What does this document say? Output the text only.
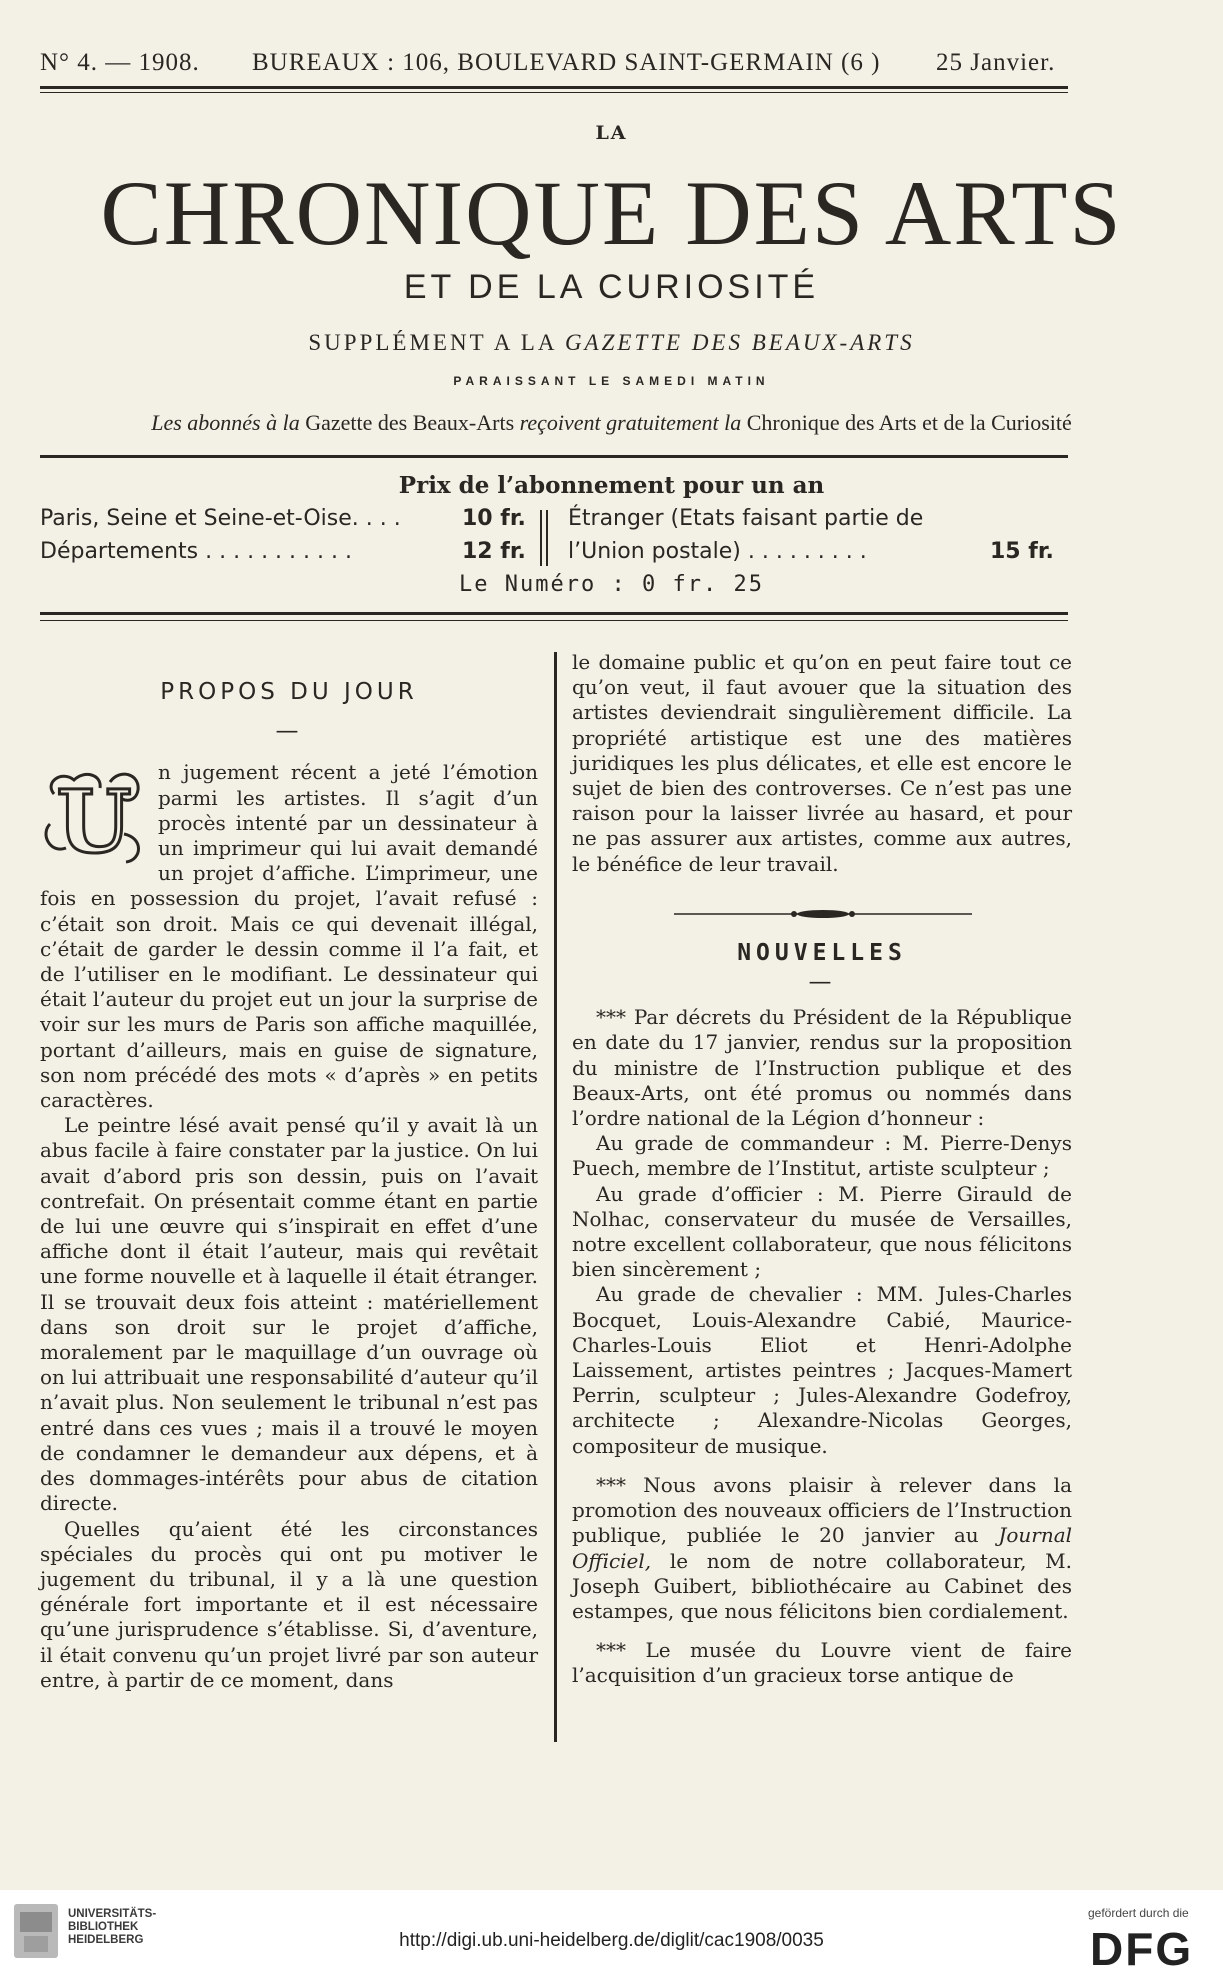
N° 4. — 1908. BUREAUX : 106, BOULEVARD SAINT-GERMAIN (6 ) 25 Janvier.
LA
CHRONIQUE DES ARTS
ET DE LA CURIOSITÉ
SUPPLÉMENT A LA GAZETTE DES BEAUX-ARTS
PARAISSANT LE SAMEDI MATIN
Les abonnés à la Gazette des Beaux-Arts reçoivent gratuitement la Chronique des Arts et de la Curiosité
Prix de l’abonnement pour un an
Paris, Seine et Seine-et-Oise. . . .	10 fr.
Départements . . . . . . . . . . .	12 fr.
Étranger (Etats faisant partie de
l’Union postale) . . . . . . . . .	15 fr.
Le Numéro : 0 fr. 25

PROPOS DU JOUR

—

U n jugement récent a jeté l’émotion parmi les artistes. Il s’agit d’un procès intenté par un dessinateur à un imprimeur qui lui avait demandé un projet d’affiche. L’imprimeur, une fois en possession du projet, l’avait refusé : c’était son droit. Mais ce qui devenait illégal, c’était de garder le dessin comme il l’a fait, et de l’utiliser en le modifiant. Le dessinateur qui était l’auteur du projet eut un jour la surprise de voir sur les murs de Paris son affiche maquillée, portant d’ailleurs, mais en guise de signature, son nom précédé des mots « d’après » en petits caractères.

Le peintre lésé avait pensé qu’il y avait là un abus facile à faire constater par la justice. On lui avait d’abord pris son dessin, puis on l’avait contrefait. On présentait comme étant en partie de lui une œuvre qui s’inspirait en effet d’une affiche dont il était l’auteur, mais qui revêtait une forme nouvelle et à laquelle il était étranger. Il se trouvait deux fois atteint : matériellement dans son droit sur le projet d’affiche, moralement par le maquillage d’un ouvrage où on lui attribuait une responsabilité d’auteur qu’il n’avait plus. Non seulement le tribunal n’est pas entré dans ces vues ; mais il a trouvé le moyen de condamner le demandeur aux dépens, et à des dommages-intérêts pour abus de citation directe.

Quelles qu’aient été les circonstances spéciales du procès qui ont pu motiver le jugement du tribunal, il y a là une question générale fort importante et il est nécessaire qu’une jurisprudence s’établisse. Si, d’aventure, il était convenu qu’un projet livré par son auteur entre, à partir de ce moment, dans

le domaine public et qu’on en peut faire tout ce qu’on veut, il faut avouer que la situation des artistes deviendrait singulièrement difficile. La propriété artistique est une des matières juridiques les plus délicates, et elle est encore le sujet de bien des controverses. Ce n’est pas une raison pour la laisser livrée au hasard, et pour ne pas assurer aux artistes, comme aux autres, le bénéfice de leur travail.

NOUVELLES

—

*** Par décrets du Président de la République en date du 17 janvier, rendus sur la proposition du ministre de l’Instruction publique et des Beaux-Arts, ont été promus ou nommés dans l’ordre national de la Légion d’honneur :

Au grade de commandeur : M. Pierre-Denys Puech, membre de l’Institut, artiste sculpteur ;

Au grade d’officier : M. Pierre Girauld de Nolhac, conservateur du musée de Versailles, notre excellent collaborateur, que nous félicitons bien sincèrement ;

Au grade de chevalier : MM. Jules-Charles Bocquet, Louis-Alexandre Cabié, Maurice-Charles-Louis Eliot et Henri-Adolphe Laissement, artistes peintres ; Jacques-Mamert Perrin, sculpteur ; Jules-Alexandre Godefroy, architecte ; Alexandre-Nicolas Georges, compositeur de musique.

*** Nous avons plaisir à relever dans la promotion des nouveaux officiers de l’Instruction publique, publiée le 20 janvier au Journal Officiel, le nom de notre collaborateur, M. Joseph Guibert, bibliothécaire au Cabinet des estampes, que nous félicitons bien cordialement.

*** Le musée du Louvre vient de faire l’acquisition d’un gracieux torse antique de

UNIVERSITÄTS-
BIBLIOTHEK
HEIDELBERG	http://digi.ub.uni-heidelberg.de/diglit/cac1908/0035
gefördert durch die
DFG
